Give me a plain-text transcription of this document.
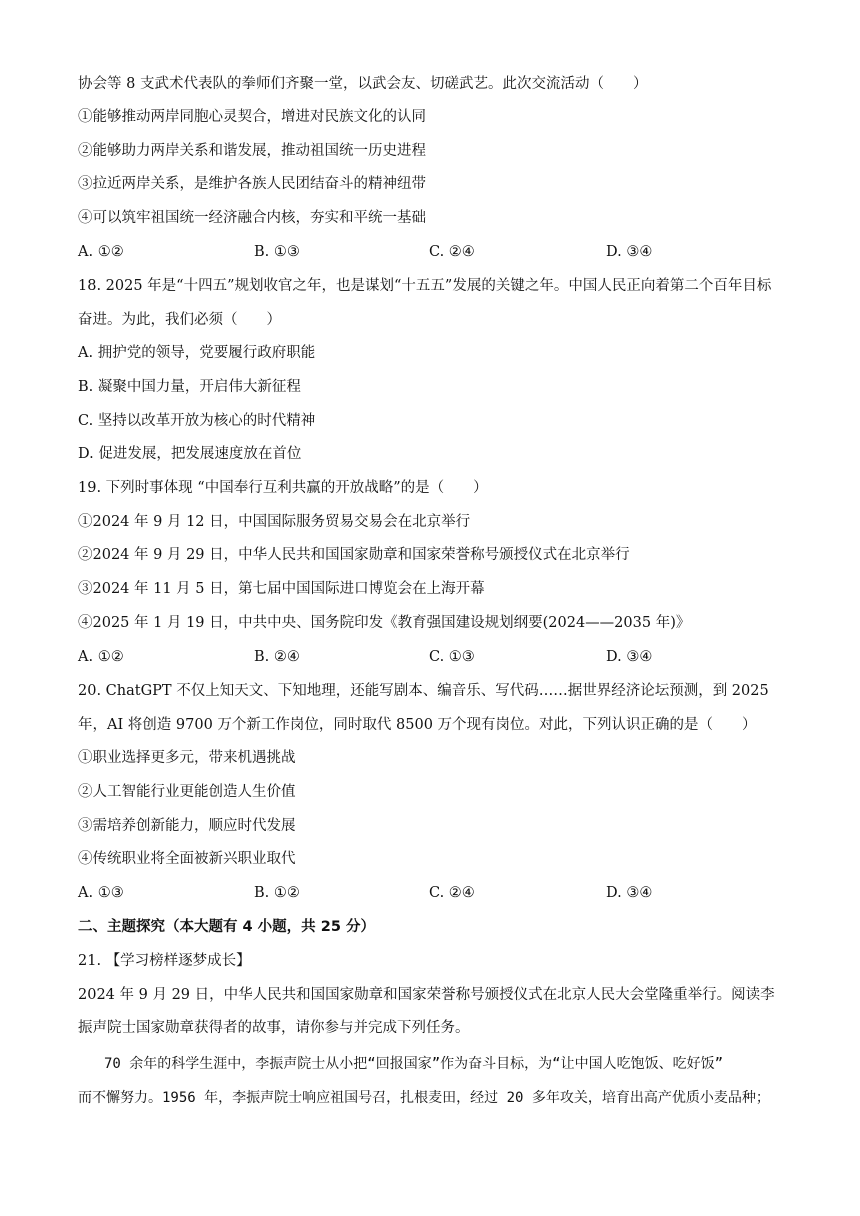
协会等 8 支武术代表队的拳师们齐聚一堂，以武会友、切磋武艺。此次交流活动（　　）

①能够推动两岸同胞心灵契合，增进对民族文化的认同

②能够助力两岸关系和谐发展，推动祖国统一历史进程

③拉近两岸关系，是维护各族人民团结奋斗的精神纽带

④可以筑牢祖国统一经济融合内核，夯实和平统一基础

A. ①②	B. ①③	C. ②④	D. ③④

18. 2025 年是“十四五”规划收官之年，也是谋划“十五五”发展的关键之年。中国人民正向着第二个百年目标

奋进。为此，我们必须（　　）

A. 拥护党的领导，党要履行政府职能

B. 凝聚中国力量，开启伟大新征程

C. 坚持以改革开放为核心的时代精神

D. 促进发展，把发展速度放在首位

19. 下列时事体现 “中国奉行互利共赢的开放战略”的是（　　）

①2024 年 9 月 12 日，中国国际服务贸易交易会在北京举行

②2024 年 9 月 29 日，中华人民共和国国家勋章和国家荣誉称号颁授仪式在北京举行

③2024 年 11 月 5 日，第七届中国国际进口博览会在上海开幕

④2025 年 1 月 19 日，中共中央、国务院印发《教育强国建设规划纲要(2024——2035 年)》

A. ①②	B. ②④	C. ①③	D. ③④

20. ChatGPT 不仅上知天文、下知地理，还能写剧本、编音乐、写代码……据世界经济论坛预测，到 2025

年，AI 将创造 9700 万个新工作岗位，同时取代 8500 万个现有岗位。对此，下列认识正确的是（　　）

①职业选择更多元，带来机遇挑战

②人工智能行业更能创造人生价值

③需培养创新能力，顺应时代发展

④传统职业将全面被新兴职业取代

A. ①③	B. ①②	C. ②④	D. ③④

二、主题探究（本大题有 4 小题，共 25 分）

21. 【学习榜样逐梦成长】

2024 年 9 月 29 日，中华人民共和国国家勋章和国家荣誉称号颁授仪式在北京人民大会堂隆重举行。阅读李

振声院士国家勋章获得者的故事，请你参与并完成下列任务。

70 余年的科学生涯中，李振声院士从小把“回报国家”作为奋斗目标，为“让中国人吃饱饭、吃好饭”

而不懈努力。1956 年，李振声院士响应祖国号召，扎根麦田，经过 20 多年攻关，培育出高产优质小麦品种；
